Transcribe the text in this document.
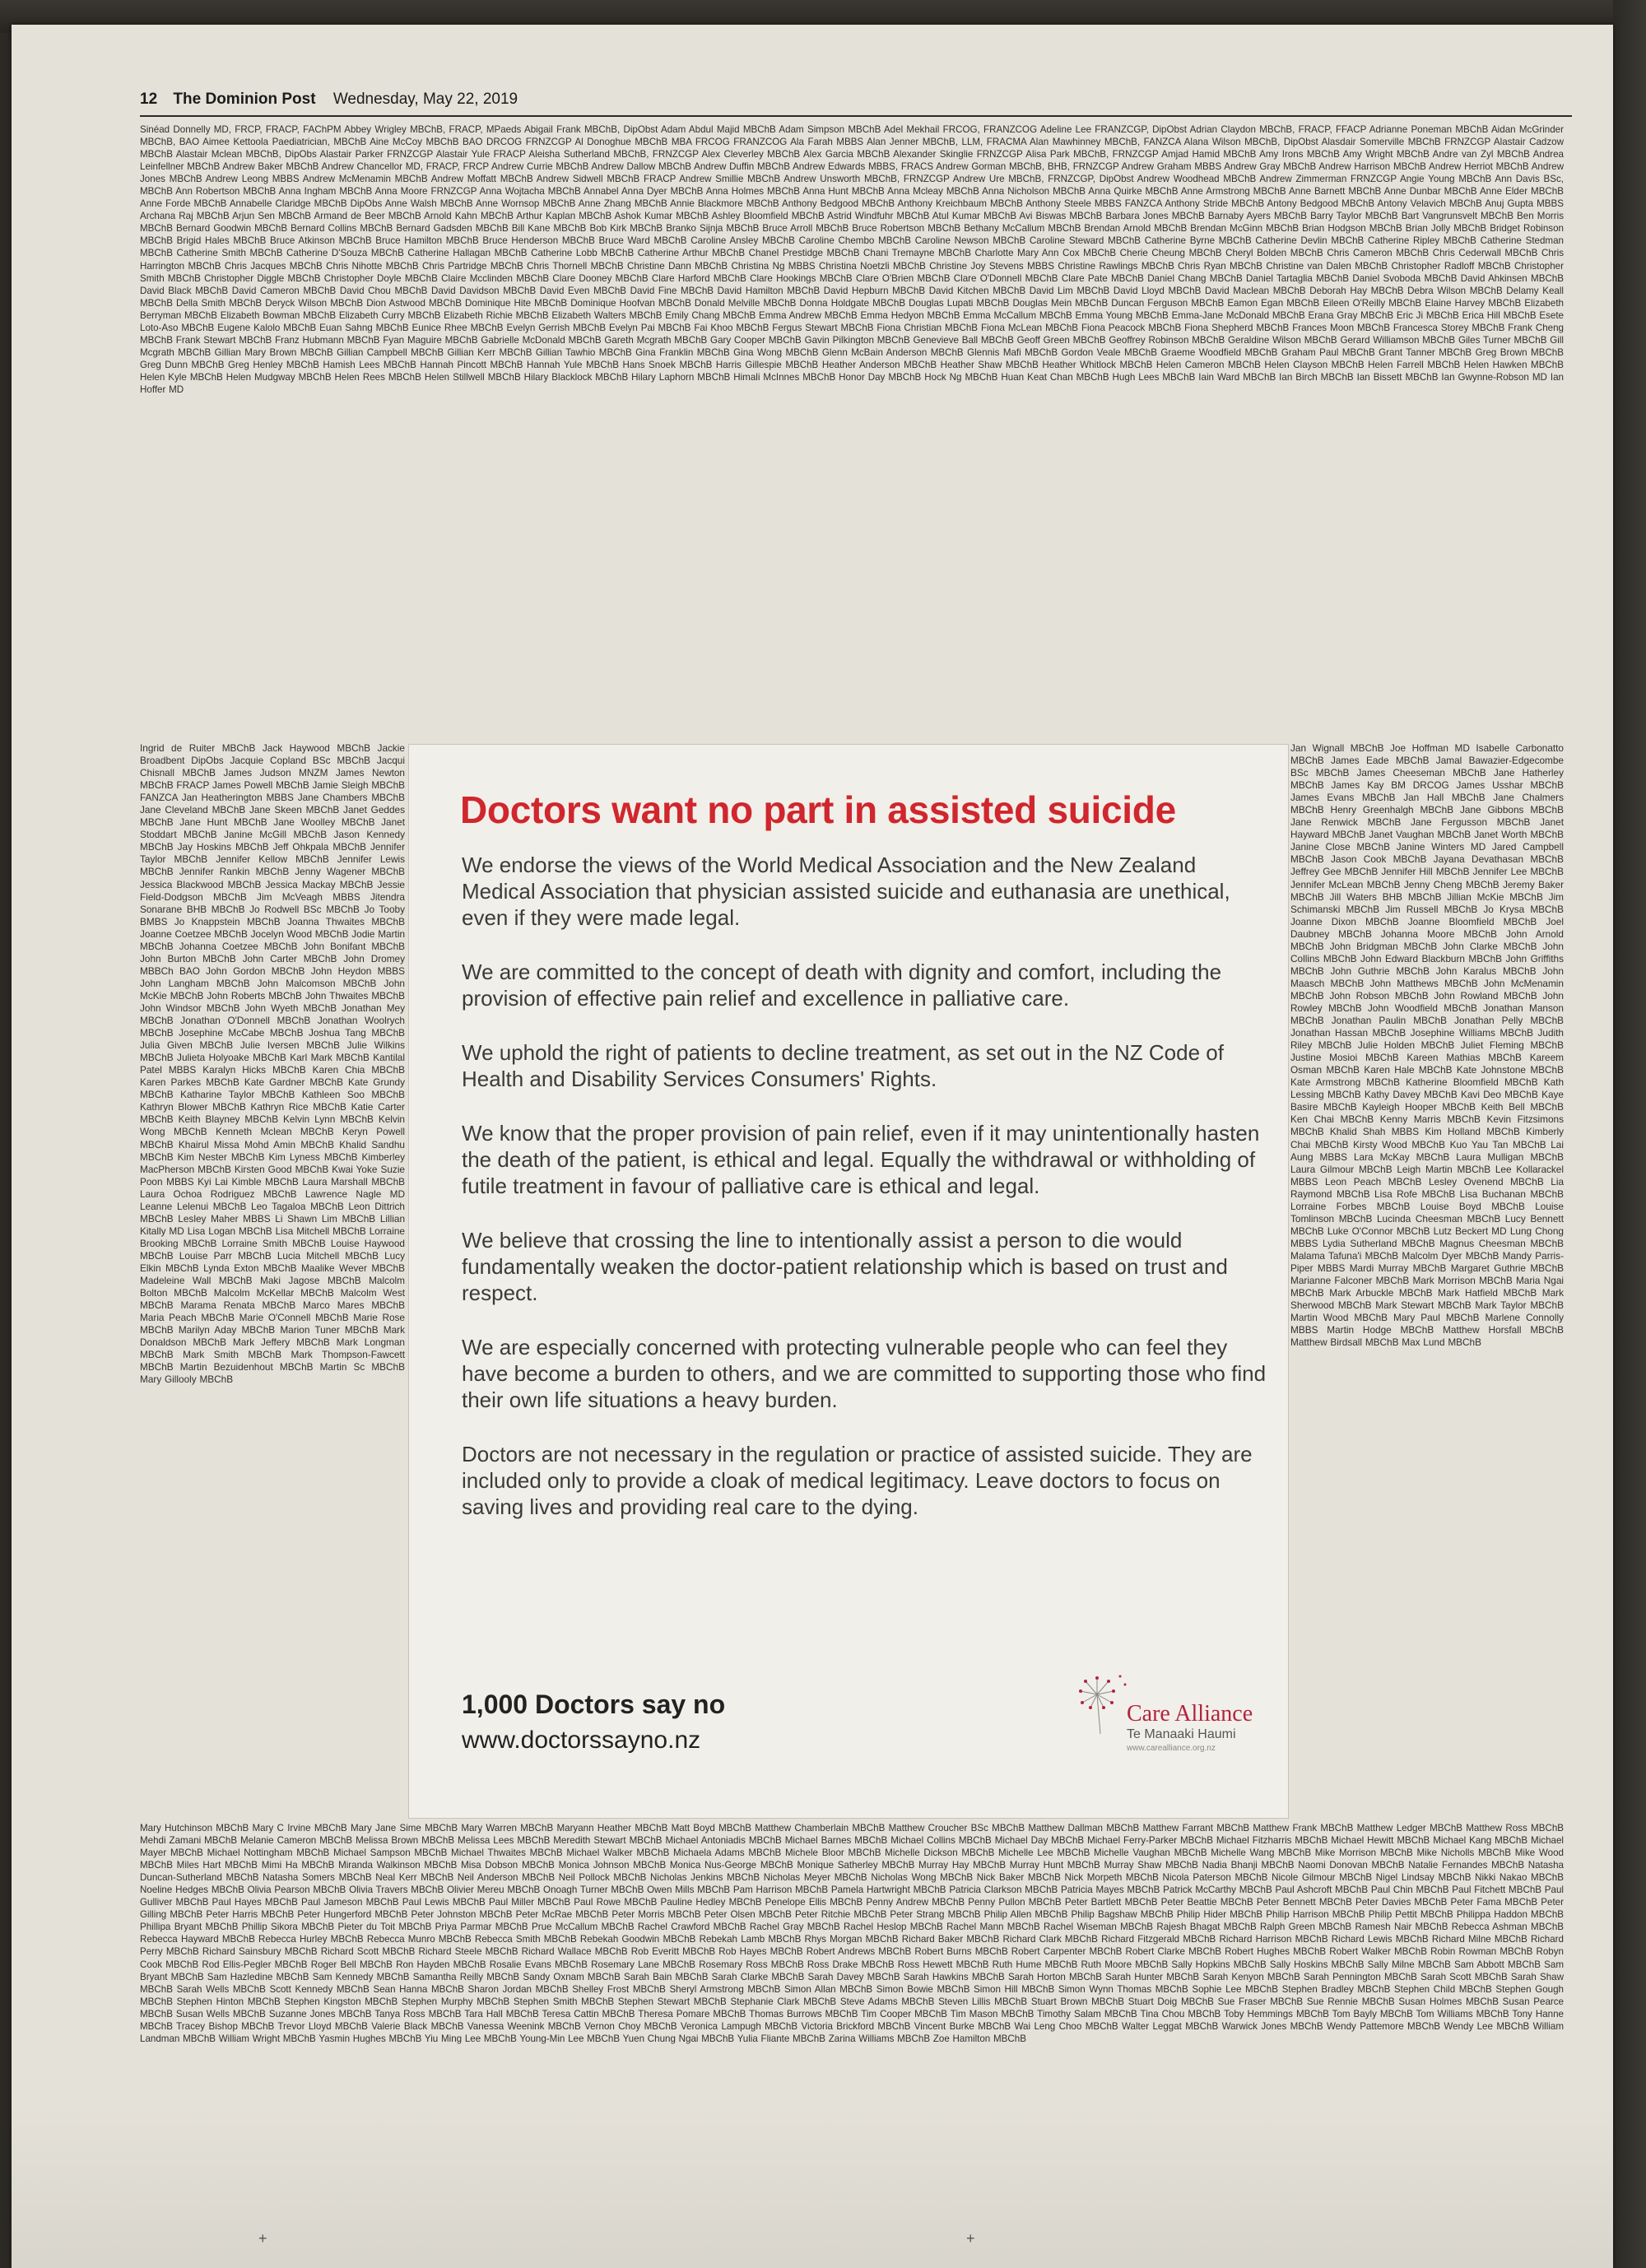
12 The Dominion Post Wednesday, May 22, 2019
Sinéad Donnelly MD, FRCP, FRACP, FAChPM Abbey Wrigley MBChB, FRACP, MPaeds Abigail Frank MBChB, DipObst Adam Abdul Majid MBChB Adam Simpson MBChB Adel Mekhail FRCOG, FRANZCOG Adeline Lee FRANZCGP, DipObst Adrian Claydon MBChB, FRACP, FFACP Adrianne Poneman MBChB Aidan McGrinder MBChB, BAO Aimee Kettoola Paediatrician, MBChB Aine McCoy MBChB BAO DRCOG FRNZCGP Al Donoghue MBChB MBA FRCOG FRANZCOG Ala Farah MBBS Alan Jenner MBChB, LLM, FRACMA Alan Mawhinney MBChB, FANZCA Alana Wilson MBChB, DipObst Alasdair Somerville MBChB FRNZCGP Alastair Cadzow MBChB Alastair Mclean MBChB, DipObs Alastair Parker FRNZCGP Alastair Yule FRACP Aleisha Sutherland MBChB, FRNZCGP Alex Cleverley MBChB Alex Garcia MBChB Alexander Skinglie FRNZCGP Alisa Park MBChB, FRNZCGP Amjad Hamid MBChB Amy Irons MBChB Amy Wright MBChB Andre van Zyl MBChB Andrea Leinfellner MBChB Andrew Baker MBChB Andrew Chancellor MD, FRACP, FRCP Andrew Currie MBChB Andrew Dallow MBChB Andrew Duffin MBChB Andrew Edwards MBBS, FRACS Andrew Gorman MBChB, BHB, FRNZCGP Andrew Graham MBBS Andrew Gray MBChB Andrew Harrison MBChB Andrew Herriot MBChB Andrew Jones MBChB Andrew Leong MBBS Andrew McMenamin MBChB Andrew Moffatt MBChB Andrew Sidwell MBChB FRACP Andrew Smillie MBChB Andrew Unsworth MBChB, FRNZCGP Andrew Ure MBChB, FRNZCGP, DipObst Andrew Woodhead MBChB Andrew Zimmerman FRNZCGP Angie Young MBChB Ann Davis BSc, MBChB Ann Robertson MBChB Anna Ingham MBChB Anna Moore FRNZCGP Anna Wojtacha MBChB Annabel Anna Dyer MBChB Anna Holmes MBChB Anna Hunt MBChB Anna Mcleay MBChB Anna Nicholson MBChB Anna Quirke MBChB Anne Armstrong MBChB Anne Barnett MBChB Anne Dunbar MBChB Anne Elder MBChB Anne Forde MBChB Annabelle Claridge MBChB DipObs Anne Walsh MBChB Anne Wornsop MBChB Anne Zhang MBChB Annie Blackmore MBChB Anthony Bedgood MBChB Anthony Kreichbaum MBChB Anthony Steele MBBS FANZCA Anthony Stride MBChB Antony Bedgood MBChB Antony Velavich MBChB Anuj Gupta MBBS Archana Raj MBChB Arjun Sen MBChB Armand de Beer MBChB Arnold Kahn MBChB Arthur Kaplan MBChB Ashok Kumar MBChB Ashley Bloomfield MBChB Astrid Windfuhr MBChB Atul Kumar MBChB Avi Biswas MBChB Barbara Jones MBChB Barnaby Ayers MBChB Barry Taylor MBChB Bart Vangrunsvelt MBChB Ben Morris MBChB Bernard Goodwin MBChB Bernard Collins MBChB Bernard Gadsden MBChB Bill Kane MBChB Bob Kirk MBChB Branko Sijnja MBChB Bruce Arroll MBChB Bruce Robertson MBChB Bethany McCallum MBChB Brendan Arnold MBChB Brendan McGinn MBChB Brian Hodgson MBChB Brian Jolly MBChB Bridget Robinson MBChB Brigid Hales MBChB Bruce Atkinson MBChB Bruce Hamilton MBChB Bruce Henderson MBChB Bruce Ward MBChB Caroline Ansley MBChB Caroline Chembo MBChB Caroline Newson MBChB Caroline Steward MBChB Catherine Byrne MBChB Catherine Devlin MBChB Catherine Ripley MBChB Catherine Stedman MBChB Catherine Smith MBChB Catherine D'Souza MBChB Catherine Hallagan MBChB Catherine Lobb MBChB Catherine Arthur MBChB Chanel Prestidge MBChB Chani Tremayne MBChB Charlotte Mary Ann Cox MBChB Cherie Cheung MBChB Cheryl Bolden MBChB Chris Cameron MBChB Chris Cederwall MBChB Chris Harrington MBChB Chris Jacques MBChB Chris Nihotte MBChB Chris Partridge MBChB Chris Thornell MBChB Christine Dann MBChB Christina Ng MBBS Christina Noetzli MBChB Christine Joy Stevens MBBS Christine Rawlings MBChB Chris Ryan MBChB Christine van Dalen MBChB Christopher Radloff MBChB Christopher Smith MBChB Christopher Diggle MBChB Christopher Doyle MBChB Claire Mcclinden MBChB Clare Dooney MBChB Clare Harford MBChB Clare Hookings MBChB Clare O'Brien MBChB Clare O'Donnell MBChB Clare Pate MBChB Daniel Chang MBChB Daniel Tartaglia MBChB Daniel Svoboda MBChB David Ahkinsen MBChB David Black MBChB David Cameron MBChB David Chou MBChB David Davidson MBChB David Even MBChB David Fine MBChB David Hamilton MBChB David Hepburn MBChB David Kitchen MBChB David Lim MBChB David Lloyd MBChB David Maclean MBChB Deborah Hay MBChB Debra Wilson MBChB Delamy Keall MBChB Della Smith MBChB Deryck Wilson MBChB Dion Astwood MBChB Dominique Hite MBChB Dominique Hoofvan MBChB Donald Melville MBChB Donna Holdgate MBChB Douglas Lupati MBChB Douglas Mein MBChB Duncan Ferguson MBChB Eamon Egan MBChB Eileen O'Reilly MBChB Elaine Harvey MBChB Elizabeth Berryman MBChB Elizabeth Bowman MBChB Elizabeth Curry MBChB Elizabeth Richie MBChB Elizabeth Walters MBChB Emily Chang MBChB Emma Andrew MBChB Emma Hedyon MBChB Emma McCallum MBChB Emma Young MBChB Emma-Jane McDonald MBChB Erana Gray MBChB Eric Ji MBChB Erica Hill MBChB Esete Loto-Aso MBChB Eugene Kalolo MBChB Euan Sahng MBChB Eunice Rhee MBChB Evelyn Gerrish MBChB Evelyn Pai MBChB Fai Khoo MBChB Fergus Stewart MBChB Fiona Christian MBChB Fiona McLean MBChB Fiona Peacock MBChB Fiona Shepherd MBChB Frances Moon MBChB Francesca Storey MBChB Frank Cheng MBChB Frank Stewart MBChB Franz Hubmann MBChB Fyan Maguire MBChB Gabrielle McDonald MBChB Gareth Mcgrath MBChB Gary Cooper MBChB Gavin Pilkington MBChB Genevieve Ball MBChB Geoff Green MBChB Geoffrey Robinson MBChB Geraldine Wilson MBChB Gerard Williamson MBChB Giles Turner MBChB Gill Mcgrath MBChB Gillian Mary Brown MBChB Gillian Campbell MBChB Gillian Kerr MBChB Gillian Tawhio MBChB Gina Franklin MBChB Gina Wong MBChB Glenn McBain Anderson MBChB Glennis Mafi MBChB Gordon Veale MBChB Graeme Woodfield MBChB Graham Paul MBChB Grant Tanner MBChB Greg Brown MBChB Greg Dunn MBChB Greg Henley MBChB Hamish Lees MBChB Hannah Pincott MBChB Hannah Yule MBChB Hans Snoek MBChB Harris Gillespie MBChB Heather Anderson MBChB Heather Shaw MBChB Heather Whitlock MBChB Helen Cameron MBChB Helen Clayson MBChB Helen Farrell MBChB Helen Hawken MBChB Helen Kyle MBChB Helen Mudgway MBChB Helen Rees MBChB Helen Stillwell MBChB Hilary Blacklock MBChB Hilary Laphorn MBChB Himali McInnes MBChB Honor Day MBChB Hock Ng MBChB Huan Keat Chan MBChB Hugh Lees MBChB Iain Ward MBChB Ian Birch MBChB Ian Bissett MBChB Ian Gwynne-Robson MD Ian Hoffer MD
Ingrid de Ruiter MBChB Jack Haywood MBChB Jackie Broadbent DipObs Jacquie Copland BSc MBChB Jacqui Chisnall MBChB James Judson MNZM James Newton MBChB FRACP James Powell MBChB Jamie Sleigh MBChB FANZCA Jan Heatherington MBBS Jane Chambers MBChB Jane Cleveland MBChB Jane Skeen MBChB Janet Geddes MBChB Jane Hunt MBChB Jane Woolley MBChB Janet Stoddart MBChB Janine McGill MBChB Jason Kennedy MBChB Jay Hoskins MBChB Jeff Ohkpala MBChB Jennifer Taylor MBChB Jennifer Kellow MBChB Jennifer Lewis MBChB Jennifer Rankin MBChB Jenny Wagener MBChB Jessica Blackwood MBChB Jessica Mackay MBChB Jessie Field-Dodgson MBChB Jim McVeagh MBBS Jitendra Sonarane BHB MBChB Jo Rodwell BSc MBChB Jo Tooby BMBS Jo Knappstein MBChB Joanna Thwaites MBChB Joanne Coetzee MBChB Jocelyn Wood MBChB Jodie Martin MBChB Johanna Coetzee MBChB John Bonifant MBChB John Burton MBChB John Carter MBChB John Dromey MBBCh BAO John Gordon MBChB John Heydon MBBS John Langham MBChB John Malcomson MBChB John McKie MBChB John Roberts MBChB John Thwaites MBChB John Windsor MBChB John Wyeth MBChB Jonathan Mey MBChB Jonathan O'Donnell MBChB Jonathan Woolrych MBChB Josephine McCabe MBChB Joshua Tang MBChB Julia Given MBChB Julie Iversen MBChB Julie Wilkins MBChB Julieta Holyoake MBChB Karl Mark MBChB Kantilal Patel MBBS Karalyn Hicks MBChB Karen Chia MBChB Karen Parkes MBChB Kate Gardner MBChB Kate Grundy MBChB Katharine Taylor MBChB Kathleen Soo MBChB Kathryn Blower MBChB Kathryn Rice MBChB Katie Carter MBChB Keith Blayney MBChB Kelvin Lynn MBChB Kelvin Wong MBChB Kenneth Mclean MBChB Keryn Powell MBChB Khairul Missa Mohd Amin MBChB Khalid Sandhu MBChB Kim Nester MBChB Kim Lyness MBChB Kimberley MacPherson MBChB Kirsten Good MBChB Kwai Yoke Suzie Poon MBBS Kyi Lai Kimble MBChB Laura Marshall MBChB Laura Ochoa Rodriguez MBChB Lawrence Nagle MD Leanne Lelenui MBChB Leo Tagaloa MBChB Leon Dittrich MBChB Lesley Maher MBBS Li Shawn Lim MBChB Lillian Kitally MD Lisa Logan MBChB Lisa Mitchell MBChB Lorraine Brooking MBChB Lorraine Smith MBChB Louise Haywood MBChB Louise Parr MBChB Lucia Mitchell MBChB Lucy Elkin MBChB Lynda Exton MBChB Maalike Wever MBChB Madeleine Wall MBChB Maki Jagose MBChB Malcolm Bolton MBChB Malcolm McKellar MBChB Malcolm West MBChB Marama Renata MBChB Marco Mares MBChB Maria Peach MBChB Marie O'Connell MBChB Marie Rose MBChB Marilyn Aday MBChB Marion Tuner MBChB Mark Donaldson MBChB Mark Jeffery MBChB Mark Longman MBChB Mark Smith MBChB Mark Thompson-Fawcett MBChB Martin Bezuidenhout MBChB Martin Sc MBChB Mary Gillooly MBChB
Jan Wignall MBChB Joe Hoffman MD Isabelle Carbonatto MBChB James Eade MBChB Jamal Bawazier-Edgecombe BSc MBChB James Cheeseman MBChB Jane Hatherley MBChB James Kay BM DRCOG James Usshar MBChB James Evans MBChB Jan Hall MBChB Jane Chalmers MBChB Henry Greenhalgh MBChB Jane Gibbons MBChB Jane Renwick MBChB Jane Fergusson MBChB Janet Hayward MBChB Janet Vaughan MBChB Janet Worth MBChB Janine Close MBChB Janine Winters MD Jared Campbell MBChB Jason Cook MBChB Jayana Devathasan MBChB Jeffrey Gee MBChB Jennifer Hill MBChB Jennifer Lee MBChB Jennifer McLean MBChB Jenny Cheng MBChB Jeremy Baker MBChB Jill Waters BHB MBChB Jillian McKie MBChB Jim Schimanski MBChB Jim Russell MBChB Jo Krysa MBChB Joanne Dixon MBChB Joanne Bloomfield MBChB Joel Daubney MBChB Johanna Moore MBChB John Arnold MBChB John Bridgman MBChB John Clarke MBChB John Collins MBChB John Edward Blackburn MBChB John Griffiths MBChB John Guthrie MBChB John Karalus MBChB John Maasch MBChB John Matthews MBChB John McMenamin MBChB John Robson MBChB John Rowland MBChB John Rowley MBChB John Woodfield MBChB Jonathan Manson MBChB Jonathan Paulin MBChB Jonathan Pelly MBChB Jonathan Hassan MBChB Josephine Williams MBChB Judith Riley MBChB Julie Holden MBChB Juliet Fleming MBChB Justine Mosioi MBChB Kareen Mathias MBChB Kareem Osman MBChB Karen Hale MBChB Kate Johnstone MBChB Kate Armstrong MBChB Katherine Bloomfield MBChB Kath Lessing MBChB Kathy Davey MBChB Kavi Deo MBChB Kaye Basire MBChB Kayleigh Hooper MBChB Keith Bell MBChB Ken Chai MBChB Kenny Marris MBChB Kevin Fitzsimons MBChB Khalid Shah MBBS Kim Holland MBChB Kimberly Chai MBChB Kirsty Wood MBChB Kuo Yau Tan MBChB Lai Aung MBBS Lara McKay MBChB Laura Mulligan MBChB Laura Gilmour MBChB Leigh Martin MBChB Lee Kollarackel MBBS Leon Peach MBChB Lesley Ovenend MBChB Lia Raymond MBChB Lisa Rofe MBChB Lisa Buchanan MBChB Lorraine Forbes MBChB Louise Boyd MBChB Louise Tomlinson MBChB Lucinda Cheesman MBChB Lucy Bennett MBChB Luke O'Connor MBChB Lutz Beckert MD Lung Chong MBBS Lydia Sutherland MBChB Magnus Cheesman MBChB Malama Tafuna'i MBChB Malcolm Dyer MBChB Mandy Parris-Piper MBBS Mardi Murray MBChB Margaret Guthrie MBChB Marianne Falconer MBChB Mark Morrison MBChB Maria Ngai MBChB Mark Arbuckle MBChB Mark Hatfield MBChB Mark Sherwood MBChB Mark Stewart MBChB Mark Taylor MBChB Martin Wood MBChB Mary Paul MBChB Marlene Connolly MBBS Martin Hodge MBChB Matthew Horsfall MBChB Matthew Birdsall MBChB Max Lund MBChB
Mary Hutchinson MBChB Mary C Irvine MBChB Mary Jane Sime MBChB Mary Warren MBChB Maryann Heather MBChB Matt Boyd MBChB Matthew Chamberlain MBChB Matthew Croucher BSc MBChB Matthew Dallman MBChB Matthew Farrant MBChB Matthew Frank MBChB Matthew Ledger MBChB Matthew Ross MBChB Mehdi Zamani MBChB Melanie Cameron MBChB Melissa Brown MBChB Melissa Lees MBChB Meredith Stewart MBChB Michael Antoniadis MBChB Michael Barnes MBChB Michael Collins MBChB Michael Day MBChB Michael Ferry-Parker MBChB Michael Fitzharris MBChB Michael Hewitt MBChB Michael Kang MBChB Michael Mayer MBChB Michael Nottingham MBChB Michael Sampson MBChB Michael Thwaites MBChB Michael Walker MBChB Michaela Adams MBChB Michele Bloor MBChB Michelle Dickson MBChB Michelle Lee MBChB Michelle Vaughan MBChB Michelle Wang MBChB Mike Morrison MBChB Mike Nicholls MBChB Mike Wood MBChB Miles Hart MBChB Mimi Ha MBChB Miranda Walkinson MBChB Misa Dobson MBChB Monica Johnson MBChB Monica Nus-George MBChB Monique Satherley MBChB Murray Hay MBChB Murray Hunt MBChB Murray Shaw MBChB Nadia Bhanji MBChB Naomi Donovan MBChB Natalie Fernandes MBChB Natasha Duncan-Sutherland MBChB Natasha Somers MBChB Neal Kerr MBChB Neil Anderson MBChB Neil Pollock MBChB Nicholas Jenkins MBChB Nicholas Meyer MBChB Nicholas Wong MBChB Nick Baker MBChB Nick Morpeth MBChB Nicola Paterson MBChB Nicole Gilmour MBChB Nigel Lindsay MBChB Nikki Nakao MBChB Noeline Hedges MBChB Olivia Pearson MBChB Olivia Travers MBChB Olivier Mereu MBChB Onoagh Turner MBChB Owen Mills MBChB Pam Harrison MBChB Pamela Hartwright MBChB Patricia Clarkson MBChB Patricia Mayes MBChB Patrick McCarthy MBChB Paul Ashcroft MBChB Paul Chin MBChB Paul Fitchett MBChB Paul Gulliver MBChB Paul Hayes MBChB Paul Jameson MBChB Paul Lewis MBChB Paul Miller MBChB Paul Rowe MBChB Pauline Hedley MBChB Penelope Ellis MBChB Penny Andrew MBChB Penny Pullon MBChB Peter Bartlett MBChB Peter Beattie MBChB Peter Bennett MBChB Peter Davies MBChB Peter Fama MBChB Peter Gilling MBChB Peter Harris MBChB Peter Hungerford MBChB Peter Johnston MBChB Peter McRae MBChB Peter Morris MBChB Peter Olsen MBChB Peter Ritchie MBChB Peter Strang MBChB Philip Allen MBChB Philip Bagshaw MBChB Philip Hider MBChB Philip Harrison MBChB Philip Pettit MBChB Philippa Haddon MBChB Phillipa Bryant MBChB Phillip Sikora MBChB Pieter du Toit MBChB Priya Parmar MBChB Prue McCallum MBChB Rachel Crawford MBChB Rachel Gray MBChB Rachel Heslop MBChB Rachel Mann MBChB Rachel Wiseman MBChB Rajesh Bhagat MBChB Ralph Green MBChB Ramesh Nair MBChB Rebecca Ashman MBChB Rebecca Hayward MBChB Rebecca Hurley MBChB Rebecca Munro MBChB Rebecca Smith MBChB Rebekah Goodwin MBChB Rebekah Lamb MBChB Rhys Morgan MBChB Richard Baker MBChB Richard Clark MBChB Richard Fitzgerald MBChB Richard Harrison MBChB Richard Lewis MBChB Richard Milne MBChB Richard Perry MBChB Richard Sainsbury MBChB Richard Scott MBChB Richard Steele MBChB Richard Wallace MBChB Rob Everitt MBChB Rob Hayes MBChB Robert Andrews MBChB Robert Burns MBChB Robert Carpenter MBChB Robert Clarke MBChB Robert Hughes MBChB Robert Walker MBChB Robin Rowman MBChB Robyn Cook MBChB Rod Ellis-Pegler MBChB Roger Bell MBChB Ron Hayden MBChB Rosalie Evans MBChB Rosemary Lane MBChB Rosemary Ross MBChB Ross Drake MBChB Ross Hewett MBChB Ruth Hume MBChB Ruth Moore MBChB Sally Hopkins MBChB Sally Hoskins MBChB Sally Milne MBChB Sam Abbott MBChB Sam Bryant MBChB Sam Hazledine MBChB Sam Kennedy MBChB Samantha Reilly MBChB Sandy Oxnam MBChB Sarah Bain MBChB Sarah Clarke MBChB Sarah Davey MBChB Sarah Hawkins MBChB Sarah Horton MBChB Sarah Hunter MBChB Sarah Kenyon MBChB Sarah Pennington MBChB Sarah Scott MBChB Sarah Shaw MBChB Sarah Wells MBChB Scott Kennedy MBChB Sean Hanna MBChB Sharon Jordan MBChB Shelley Frost MBChB Sheryl Armstrong MBChB Simon Allan MBChB Simon Bowie MBChB Simon Hill MBChB Simon Wynn Thomas MBChB Sophie Lee MBChB Stephen Bradley MBChB Stephen Child MBChB Stephen Gough MBChB Stephen Hinton MBChB Stephen Kingston MBChB Stephen Murphy MBChB Stephen Smith MBChB Stephen Stewart MBChB Stephanie Clark MBChB Steve Adams MBChB Steven Lillis MBChB Stuart Brown MBChB Stuart Doig MBChB Sue Fraser MBChB Sue Rennie MBChB Susan Holmes MBChB Susan Pearce MBChB Susan Wells MBChB Suzanne Jones MBChB Tanya Ross MBChB Tara Hall MBChB Teresa Cattin MBChB Theresa Pomare MBChB Thomas Burrows MBChB Tim Cooper MBChB Tim Mason MBChB Timothy Salam MBChB Tina Chou MBChB Toby Hemmings MBChB Tom Bayly MBChB Tom Williams MBChB Tony Hanne MBChB Tracey Bishop MBChB Trevor Lloyd MBChB Valerie Black MBChB Vanessa Weenink MBChB Vernon Choy MBChB Veronica Lampugh MBChB Victoria Brickford MBChB Vincent Burke MBChB Wai Leng Choo MBChB Walter Leggat MBChB Warwick Jones MBChB Wendy Pattemore MBChB Wendy Lee MBChB William Landman MBChB William Wright MBChB Yasmin Hughes MBChB Yiu Ming Lee MBChB Young-Min Lee MBChB Yuen Chung Ngai MBChB Yulia Fliante MBChB Zarina Williams MBChB Zoe Hamilton MBChB
Doctors want no part in assisted suicide

We endorse the views of the World Medical Association and the New Zealand Medical Association that physician assisted suicide and euthanasia are unethical, even if they were made legal.

We are committed to the concept of death with dignity and comfort, including the provision of effective pain relief and excellence in palliative care.

We uphold the right of patients to decline treatment, as set out in the NZ Code of Health and Disability Services Consumers' Rights.

We know that the proper provision of pain relief, even if it may unintentionally hasten the death of the patient, is ethical and legal. Equally the withdrawal or withholding of futile treatment in favour of palliative care is ethical and legal.

We believe that crossing the line to intentionally assist a person to die would fundamentally weaken the doctor-patient relationship which is based on trust and respect.

We are especially concerned with protecting vulnerable people who can feel they have become a burden to others, and we are committed to supporting those who find their own life situations a heavy burden.

Doctors are not necessary in the regulation or practice of assisted suicide. They are included only to provide a cloak of medical legitimacy. Leave doctors to focus on saving lives and providing real care to the dying.

1,000 Doctors say no
www.doctorssayno.nz
Care Alliance
Te Manaaki Haumi
www.carealliance.org.nz
+	+
